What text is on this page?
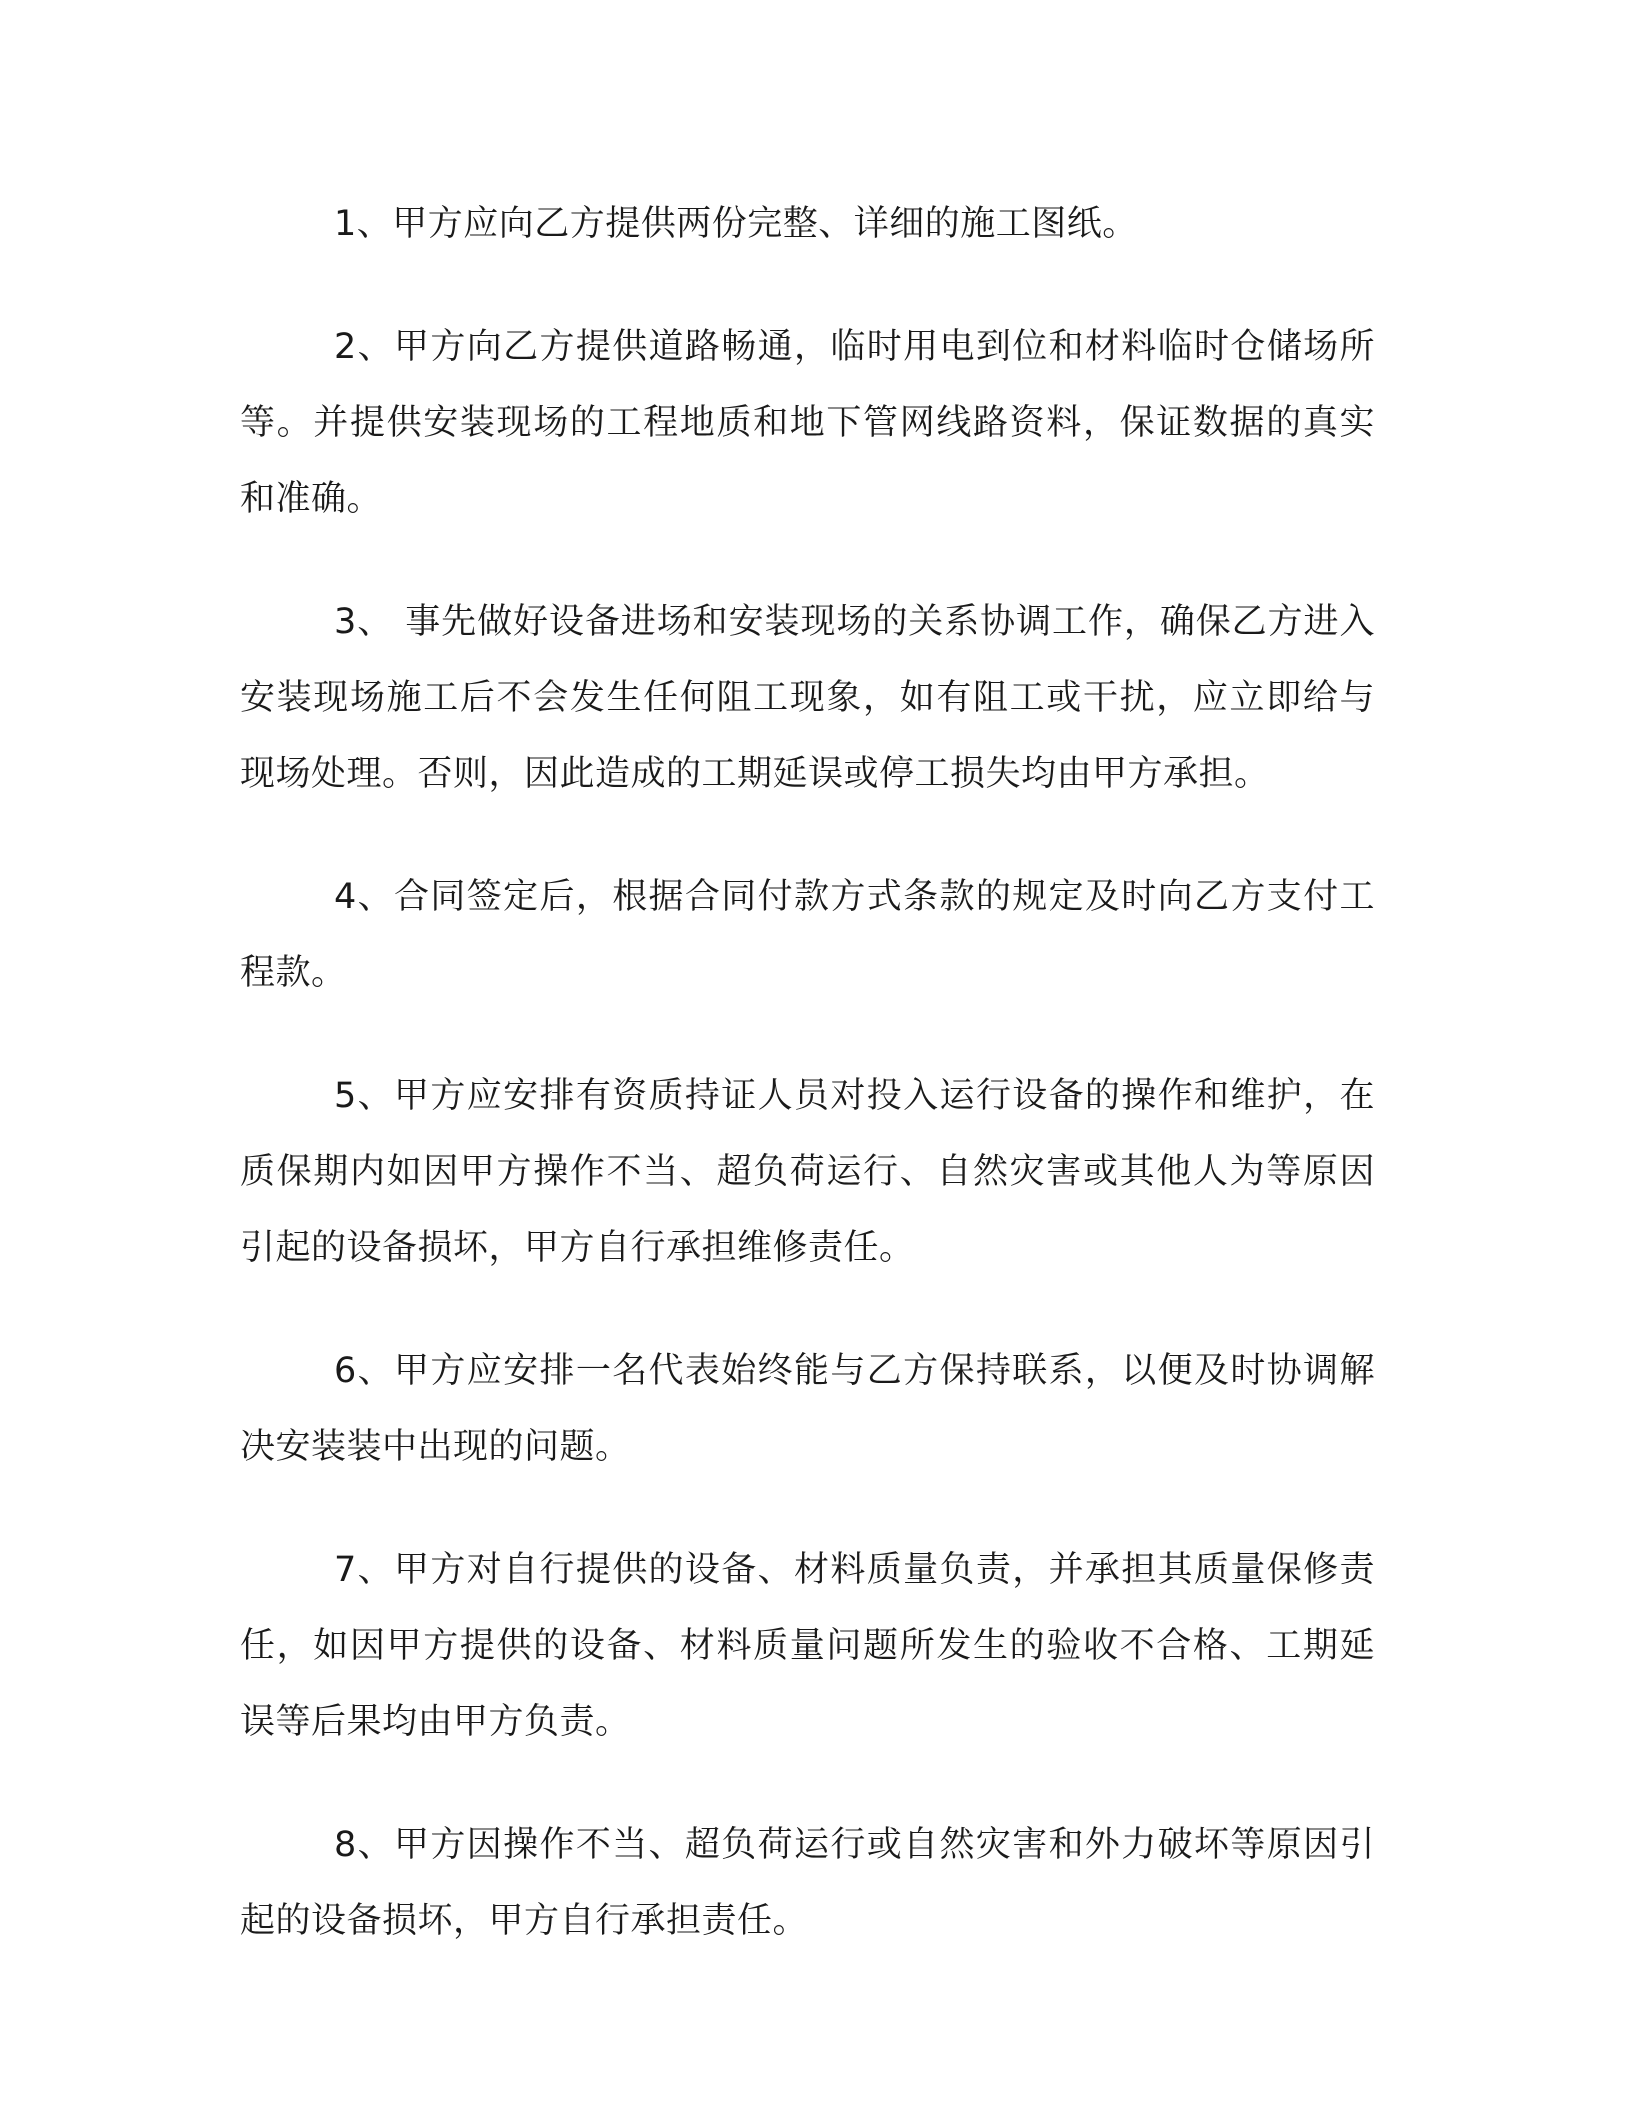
1、甲方应向乙方提供两份完整、详细的施工图纸。

2、甲方向乙方提供道路畅通，临时用电到位和材料临时仓储场所等。并提供安装现场的工程地质和地下管网线路资料，保证数据的真实和准确。

3、 事先做好设备进场和安装现场的关系协调工作，确保乙方进入安装现场施工后不会发生任何阻工现象，如有阻工或干扰，应立即给与现场处理。否则，因此造成的工期延误或停工损失均由甲方承担。

4、合同签定后，根据合同付款方式条款的规定及时向乙方支付工程款。

5、甲方应安排有资质持证人员对投入运行设备的操作和维护，在质保期内如因甲方操作不当、超负荷运行、自然灾害或其他人为等原因引起的设备损坏，甲方自行承担维修责任。

6、甲方应安排一名代表始终能与乙方保持联系，以便及时协调解决安装装中出现的问题。

7、甲方对自行提供的设备、材料质量负责，并承担其质量保修责任，如因甲方提供的设备、材料质量问题所发生的验收不合格、工期延误等后果均由甲方负责。

8、甲方因操作不当、超负荷运行或自然灾害和外力破坏等原因引起的设备损坏，甲方自行承担责任。
